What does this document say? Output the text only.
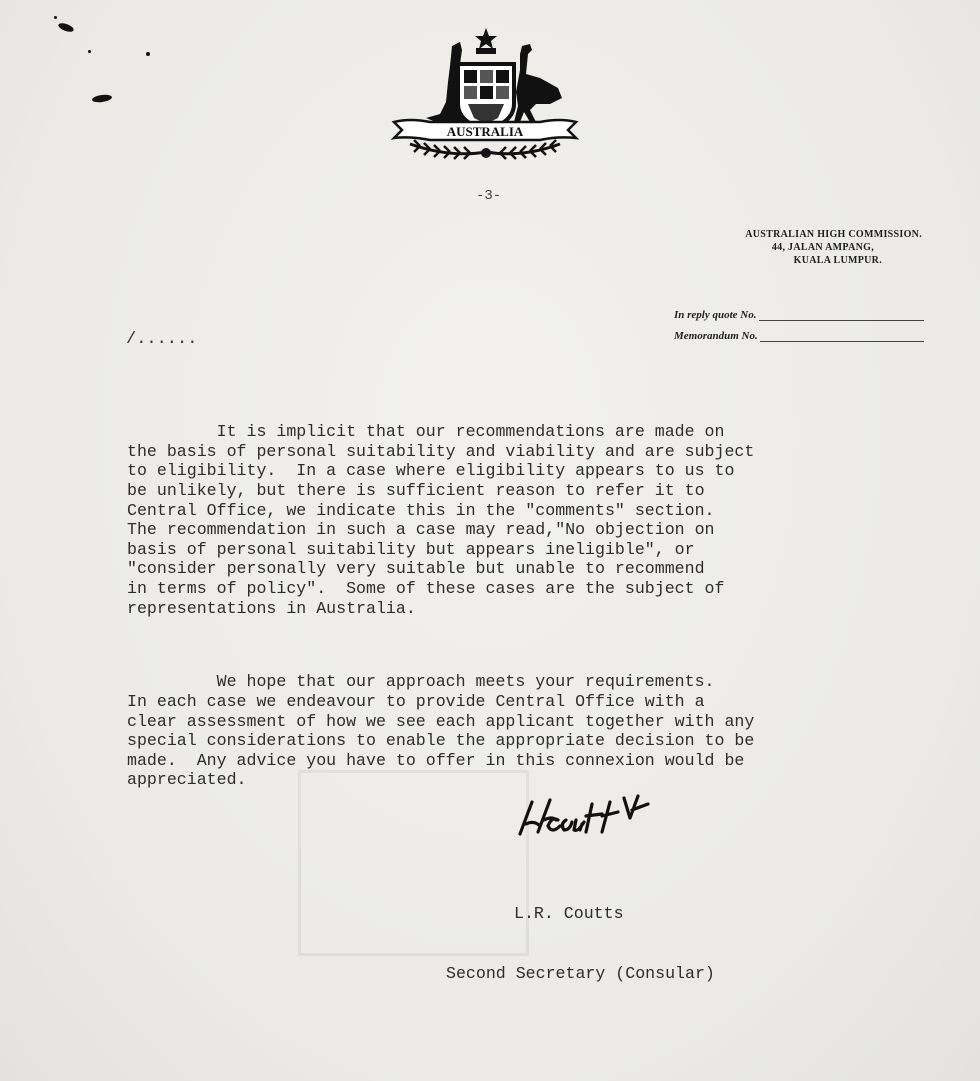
AUSTRALIA
-3-
AUSTRALIAN HIGH COMMISSION.
44, JALAN AMPANG,
KUALA LUMPUR.
In reply quote No.
Memorandum No.
/......

It is implicit that our recommendations are made on
the basis of personal suitability and viability and are subject
to eligibility.  In a case where eligibility appears to us to
be unlikely, but there is sufficient reason to refer it to
Central Office, we indicate this in the "comments" section.
The recommendation in such a case may read,"No objection on
basis of personal suitability but appears ineligible", or
"consider personally very suitable but unable to recommend
in terms of policy".  Some of these cases are the subject of
representations in Australia.

We hope that our approach meets your requirements.
In each case we endeavour to provide Central Office with a
clear assessment of how we see each applicant together with any
special considerations to enable the appropriate decision to be
made.  Any advice you have to offer in this connexion would be
appreciated.

L.R. Coutts

Second Secretary (Consular)
